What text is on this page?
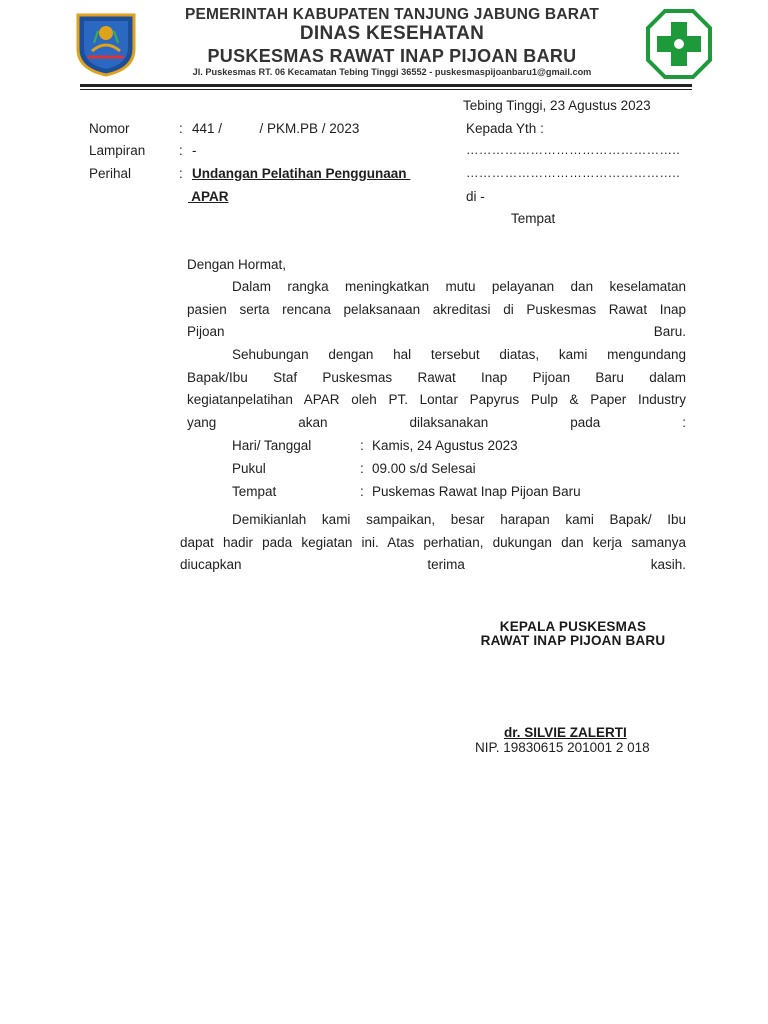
PEMERINTAH KABUPATEN TANJUNG JABUNG BARAT
DINAS KESEHATAN
PUSKESMAS RAWAT INAP PIJOAN BARU
Jl. Puskesmas RT. 06 Kecamatan Tebing Tinggi 36552 - puskesmaspijoanbaru1@gmail.com
Tebing Tinggi, 23 Agustus 2023
Nomor	: 441 /          / PKM.PB / 2023
Lampiran : -
Perihal	: Undangan Pelatihan Penggunaan
APAR
Kepada Yth :
…………………………………………..
…………………………………………..
di -
Tempat
Dengan Hormat,
Dalam rangka meningkatkan mutu pelayanan dan keselamatan
pasien serta rencana pelaksanaan akreditasi di Puskesmas Rawat Inap
Pijoan Baru.
Sehubungan dengan hal tersebut diatas, kami mengundang
Bapak/Ibu Staf Puskesmas Rawat Inap Pijoan Baru dalam
kegiatanpelatihan APAR oleh PT. Lontar Papyrus Pulp & Paper Industry
yang akan dilaksanakan pada :
Hari/ Tanggal	: Kamis, 24 Agustus 2023
Pukul	: 09.00 s/d Selesai
Tempat	: Puskemas Rawat Inap Pijoan Baru
Demikianlah kami sampaikan, besar harapan kami Bapak/ Ibu
dapat hadir pada kegiatan ini. Atas perhatian, dukungan dan kerja samanya
diucapkan terima kasih.
KEPALA PUSKESMAS
RAWAT INAP PIJOAN BARU
dr. SILVIE ZALERTI
NIP. 19830615 201001 2 018
